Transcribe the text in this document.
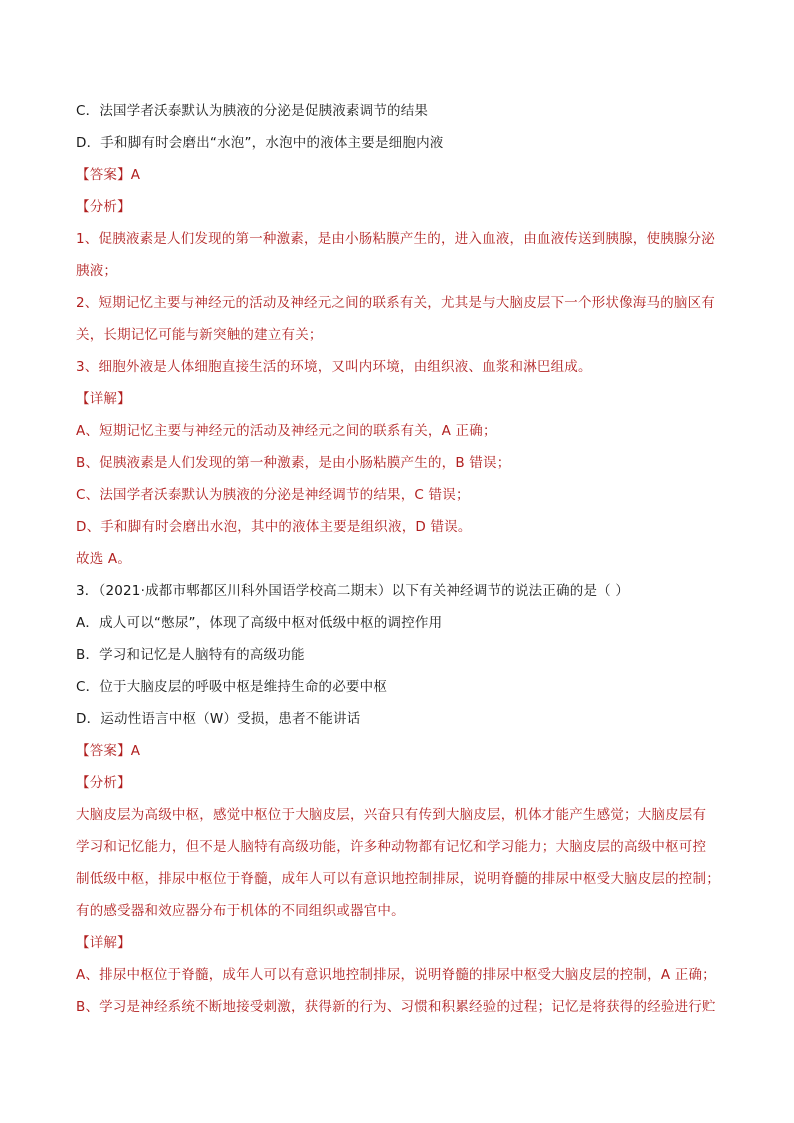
C．法国学者沃泰默认为胰液的分泌是促胰液素调节的结果
D．手和脚有时会磨出“水泡”，水泡中的液体主要是细胞内液
【答案】A
【分析】
1、促胰液素是人们发现的第一种激素，是由小肠粘膜产生的，进入血液，由血液传送到胰腺，使胰腺分泌
胰液；
2、短期记忆主要与神经元的活动及神经元之间的联系有关，尤其是与大脑皮层下一个形状像海马的脑区有
关，长期记忆可能与新突触的建立有关；
3、细胞外液是人体细胞直接生活的环境，又叫内环境，由组织液、血浆和淋巴组成。
【详解】
A、短期记忆主要与神经元的活动及神经元之间的联系有关，A 正确；
B、促胰液素是人们发现的第一种激素，是由小肠粘膜产生的，B 错误；
C、法国学者沃泰默认为胰液的分泌是神经调节的结果，C 错误；
D、手和脚有时会磨出水泡，其中的液体主要是组织液，D 错误。
故选 A。
3．（2021·成都市郫都区川科外国语学校高二期末）以下有关神经调节的说法正确的是（ ）
A．成人可以“憋尿”，体现了高级中枢对低级中枢的调控作用
B．学习和记忆是人脑特有的高级功能
C．位于大脑皮层的呼吸中枢是维持生命的必要中枢
D．运动性语言中枢（W）受损，患者不能讲话
【答案】A
【分析】
大脑皮层为高级中枢，感觉中枢位于大脑皮层，兴奋只有传到大脑皮层，机体才能产生感觉；大脑皮层有
学习和记忆能力，但不是人脑特有高级功能，许多种动物都有记忆和学习能力；大脑皮层的高级中枢可控
制低级中枢，排尿中枢位于脊髓，成年人可以有意识地控制排尿，说明脊髓的排尿中枢受大脑皮层的控制；
有的感受器和效应器分布于机体的不同组织或器官中。
【详解】
A、排尿中枢位于脊髓，成年人可以有意识地控制排尿，说明脊髓的排尿中枢受大脑皮层的控制，A 正确；
B、学习是神经系统不断地接受刺激，获得新的行为、习惯和积累经验的过程；记忆是将获得的经验进行贮
